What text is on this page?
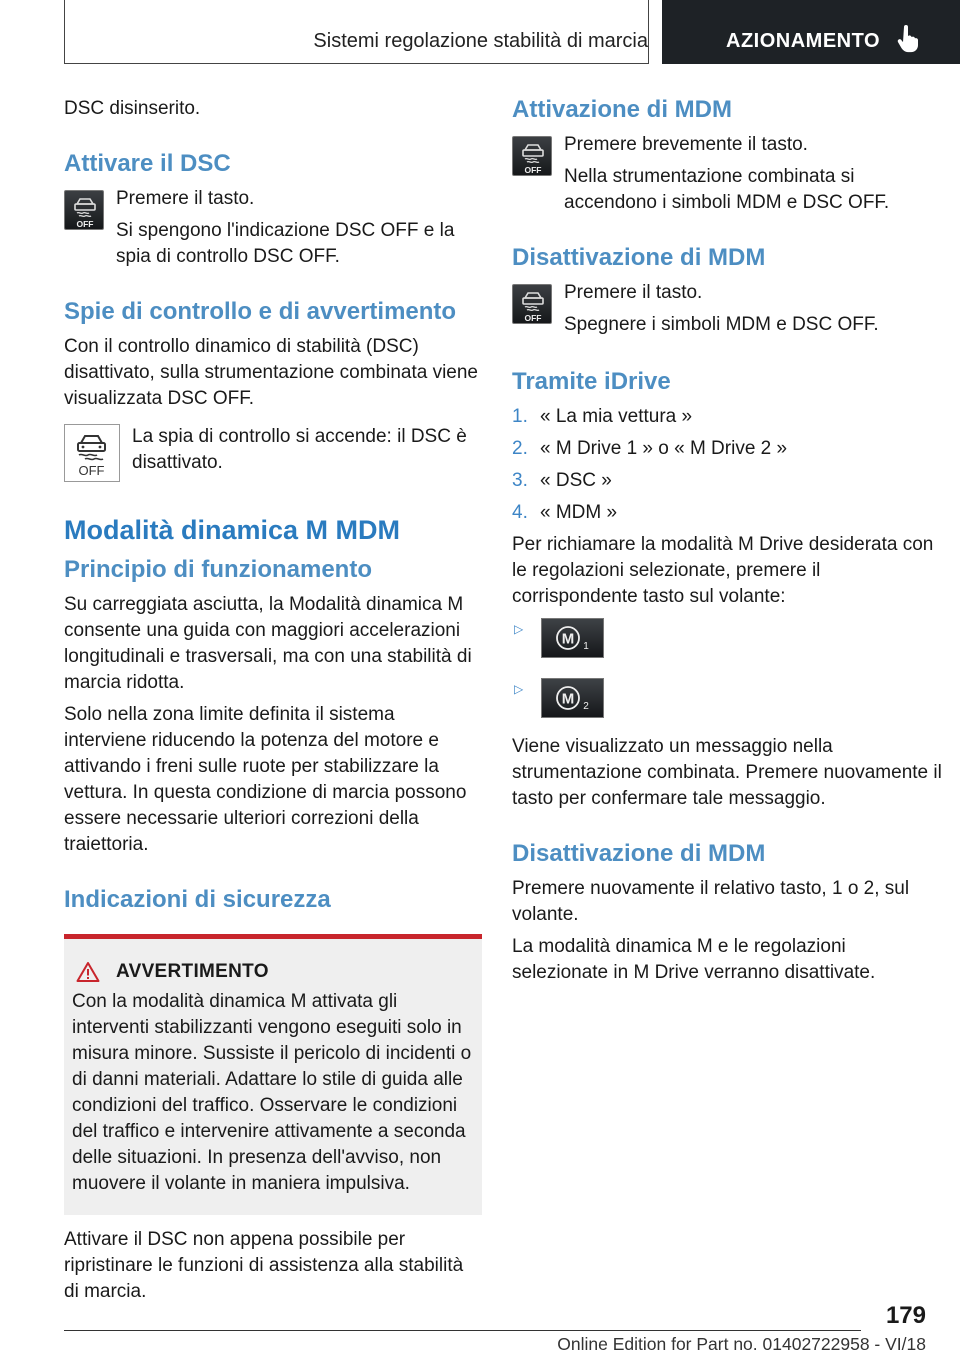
Sistemi regolazione stabilità di marcia	AZIONAMENTO

DSC disinserito.

Attivare il DSC
OFF

Premere il tasto.

Si spengono l'indicazione DSC OFF e la spia di controllo DSC OFF.

Spie di controllo e di avvertimento

Con il controllo dinamico di stabilità (DSC) disattivato, sulla strumentazione combinata viene visualizzata DSC OFF.

OFF

La spia di controllo si accende: il DSC è disattivato.

Modalità dinamica M MDM
Principio di funzionamento

Su carreggiata asciutta, la Modalità dinamica M consente una guida con maggiori accelerazioni longitudinali e trasversali, ma con una stabilità di marcia ridotta.

Solo nella zona limite definita il sistema interviene riducendo la potenza del motore e attivando i freni sulle ruote per stabilizzare la vettura. In questa condizione di marcia possono essere necessarie ulteriori correzioni della traiettoria.

Indicazioni di sicurezza
AVVERTIMENTO

Con la modalità dinamica M attivata gli interventi stabilizzanti vengono eseguiti solo in misura minore. Sussiste il pericolo di incidenti o di danni materiali. Adattare lo stile di guida alle condizioni del traffico. Osservare le condizioni del traffico e intervenire attivamente a seconda delle situazioni. In presenza dell'avviso, non muovere il volante in maniera impulsiva.

Attivare il DSC non appena possibile per ripristinare le funzioni di assistenza alla stabilità di marcia.

Attivazione di MDM
OFF

Premere brevemente il tasto.

Nella strumentazione combinata si accendono i simboli MDM e DSC OFF.

Disattivazione di MDM
OFF

Premere il tasto.

Spegnere i simboli MDM e DSC OFF.

Tramite iDrive
1. « La mia vettura »
2. « M Drive 1 » o « M Drive 2 »
3. « DSC »
4. « MDM »

Per richiamare la modalità M Drive desiderata con le regolazioni selezionate, premere il corrispondente tasto sul volante:

▷
M 1
▷
M 2

Viene visualizzato un messaggio nella strumentazione combinata. Premere nuovamente il tasto per confermare tale messaggio.

Disattivazione di MDM

Premere nuovamente il relativo tasto, 1 o 2, sul volante.

La modalità dinamica M e le regolazioni selezionate in M Drive verranno disattivate.

179
Online Edition for Part no. 01402722958 - VI/18
